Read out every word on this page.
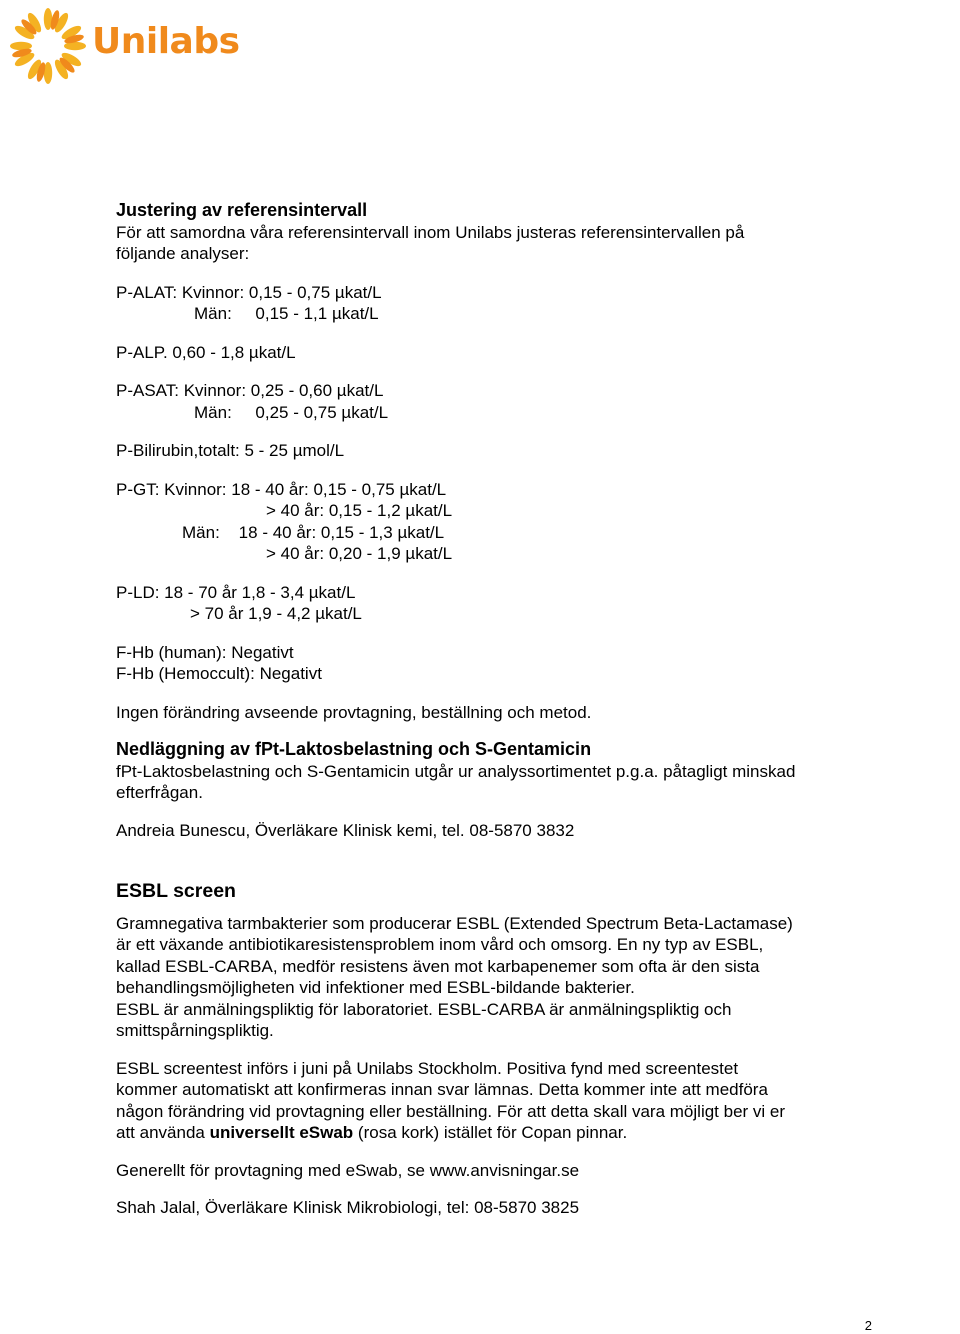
Unilabs
Justering av referensintervall
För att samordna våra referensintervall inom Unilabs justeras referensintervallen på
följande analyser:
P-ALAT: Kvinnor: 0,15 - 0,75 µkat/L
Män:     0,15 - 1,1 µkat/L
P-ALP. 0,60 - 1,8 µkat/L
P-ASAT: Kvinnor: 0,25 - 0,60 µkat/L
Män:     0,25 - 0,75 µkat/L
P-Bilirubin,totalt: 5 - 25 µmol/L
P-GT: Kvinnor: 18 - 40 år: 0,15 - 0,75 µkat/L
> 40 år: 0,15 - 1,2 µkat/L
Män:    18 - 40 år: 0,15 - 1,3 µkat/L
> 40 år: 0,20 - 1,9 µkat/L
P-LD: 18 - 70 år 1,8 - 3,4 µkat/L
> 70 år 1,9 - 4,2 µkat/L
F-Hb (human): Negativt
F-Hb (Hemoccult): Negativt
Ingen förändring avseende provtagning, beställning och metod.
Nedläggning av fPt-Laktosbelastning och S-Gentamicin
fPt-Laktosbelastning och S-Gentamicin utgår ur analyssortimentet p.g.a. påtagligt minskad
efterfrågan.
Andreia Bunescu, Överläkare Klinisk kemi, tel. 08-5870 3832
ESBL screen
Gramnegativa tarmbakterier som producerar ESBL (Extended Spectrum Beta-Lactamase)
är ett växande antibiotikaresistensproblem inom vård och omsorg. En ny typ av ESBL,
kallad ESBL-CARBA, medför resistens även mot karbapenemer som ofta är den sista
behandlingsmöjligheten vid infektioner med ESBL-bildande bakterier.
ESBL är anmälningspliktig för laboratoriet. ESBL-CARBA är anmälningspliktig och
smittspårningspliktig.
ESBL screentest införs i juni på Unilabs Stockholm. Positiva fynd med screentestet
kommer automatiskt att konfirmeras innan svar lämnas. Detta kommer inte att medföra
någon förändring vid provtagning eller beställning. För att detta skall vara möjligt ber vi er
att använda universellt eSwab (rosa kork) istället för Copan pinnar.
Generellt för provtagning med eSwab, se www.anvisningar.se
Shah Jalal, Överläkare Klinisk Mikrobiologi, tel: 08-5870 3825
2
